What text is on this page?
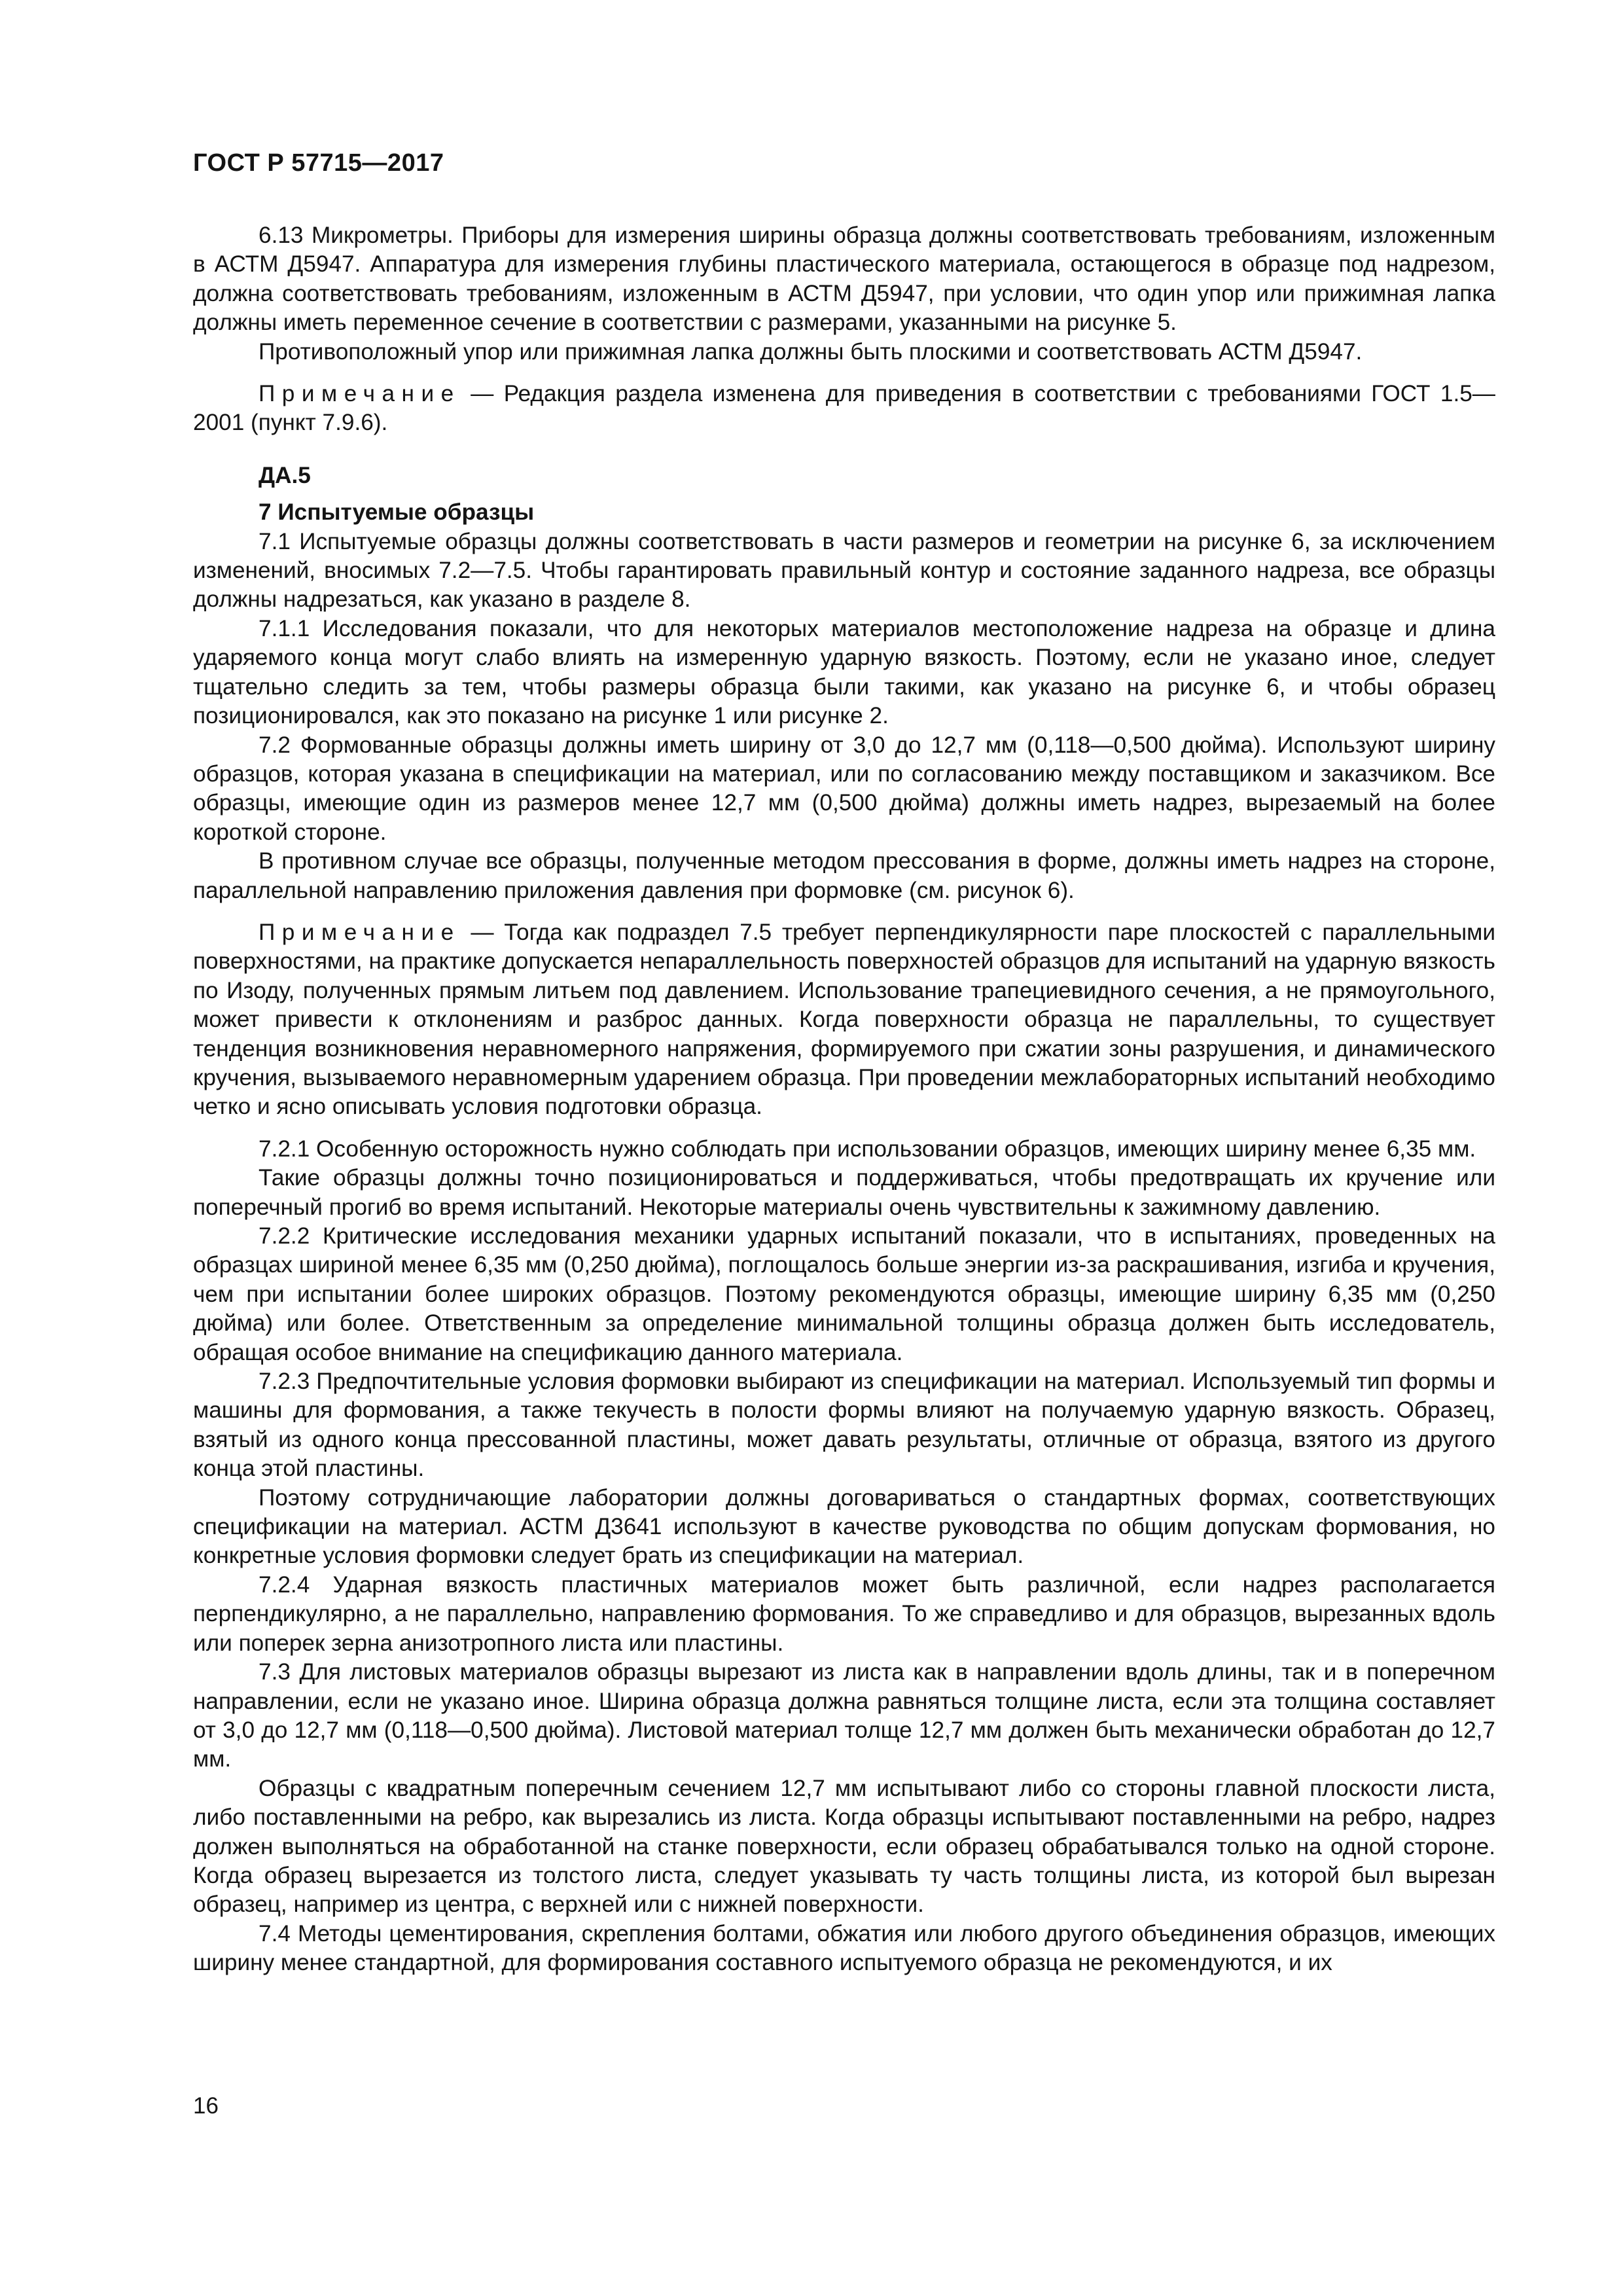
ГОСТ Р 57715—2017

6.13 Микрометры. Приборы для измерения ширины образца должны соответствовать требованиям, изложенным в АСТМ Д5947. Аппаратура для измерения глубины пластического материала, остающегося в образце под надрезом, должна соответствовать требованиям, изложенным в АСТМ Д5947, при условии, что один упор или прижимная лапка должны иметь переменное сечение в соответствии с размерами, указанными на рисунке 5.

Противоположный упор или прижимная лапка должны быть плоскими и соответствовать АСТМ Д5947.

Примечание — Редакция раздела изменена для приведения в соответствии с требованиями ГОСТ 1.5—2001 (пункт 7.9.6).

ДА.5
7 Испытуемые образцы

7.1 Испытуемые образцы должны соответствовать в части размеров и геометрии на рисунке 6, за исключением изменений, вносимых 7.2—7.5. Чтобы гарантировать правильный контур и состояние заданного надреза, все образцы должны надрезаться, как указано в разделе 8.

7.1.1 Исследования показали, что для некоторых материалов местоположение надреза на образце и длина ударяемого конца могут слабо влиять на измеренную ударную вязкость. Поэтому, если не указано иное, следует тщательно следить за тем, чтобы размеры образца были такими, как указано на рисунке 6, и чтобы образец позиционировался, как это показано на рисунке 1 или рисунке 2.

7.2 Формованные образцы должны иметь ширину от 3,0 до 12,7 мм (0,118—0,500 дюйма). Используют ширину образцов, которая указана в спецификации на материал, или по согласованию между поставщиком и заказчиком. Все образцы, имеющие один из размеров менее 12,7 мм (0,500 дюйма) должны иметь надрез, вырезаемый на более короткой стороне.

В противном случае все образцы, полученные методом прессования в форме, должны иметь надрез на стороне, параллельной направлению приложения давления при формовке (см. рисунок 6).

Примечание — Тогда как подраздел 7.5 требует перпендикулярности паре плоскостей с параллельными поверхностями, на практике допускается непараллельность поверхностей образцов для испытаний на ударную вязкость по Изоду, полученных прямым литьем под давлением. Использование трапециевидного сечения, а не прямоугольного, может привести к отклонениям и разброс данных. Когда поверхности образца не параллельны, то существует тенденция возникновения неравномерного напряжения, формируемого при сжатии зоны разрушения, и динамического кручения, вызываемого неравномерным ударением образца. При проведении межлабораторных испытаний необходимо четко и ясно описывать условия подготовки образца.

7.2.1 Особенную осторожность нужно соблюдать при использовании образцов, имеющих ширину менее 6,35 мм.

Такие образцы должны точно позиционироваться и поддерживаться, чтобы предотвращать их кручение или поперечный прогиб во время испытаний. Некоторые материалы очень чувствительны к зажимному давлению.

7.2.2 Критические исследования механики ударных испытаний показали, что в испытаниях, проведенных на образцах шириной менее 6,35 мм (0,250 дюйма), поглощалось больше энергии из-за раскрашивания, изгиба и кручения, чем при испытании более широких образцов. Поэтому рекомендуются образцы, имеющие ширину 6,35 мм (0,250 дюйма) или более. Ответственным за определение минимальной толщины образца должен быть исследователь, обращая особое внимание на спецификацию данного материала.

7.2.3 Предпочтительные условия формовки выбирают из спецификации на материал. Используемый тип формы и машины для формования, а также текучесть в полости формы влияют на получаемую ударную вязкость. Образец, взятый из одного конца прессованной пластины, может давать результаты, отличные от образца, взятого из другого конца этой пластины.

Поэтому сотрудничающие лаборатории должны договариваться о стандартных формах, соответствующих спецификации на материал. АСТМ Д3641 используют в качестве руководства по общим допускам формования, но конкретные условия формовки следует брать из спецификации на материал.

7.2.4 Ударная вязкость пластичных материалов может быть различной, если надрез располагается перпендикулярно, а не параллельно, направлению формования. То же справедливо и для образцов, вырезанных вдоль или поперек зерна анизотропного листа или пластины.

7.3 Для листовых материалов образцы вырезают из листа как в направлении вдоль длины, так и в поперечном направлении, если не указано иное. Ширина образца должна равняться толщине листа, если эта толщина составляет от 3,0 до 12,7 мм (0,118—0,500 дюйма). Листовой материал толще 12,7 мм должен быть механически обработан до 12,7 мм.

Образцы с квадратным поперечным сечением 12,7 мм испытывают либо со стороны главной плоскости листа, либо поставленными на ребро, как вырезались из листа. Когда образцы испытывают поставленными на ребро, надрез должен выполняться на обработанной на станке поверхности, если образец обрабатывался только на одной стороне. Когда образец вырезается из толстого листа, следует указывать ту часть толщины листа, из которой был вырезан образец, например из центра, с верхней или с нижней поверхности.

7.4 Методы цементирования, скрепления болтами, обжатия или любого другого объединения образцов, имеющих ширину менее стандартной, для формирования составного испытуемого образца не рекомендуются, и их

16
